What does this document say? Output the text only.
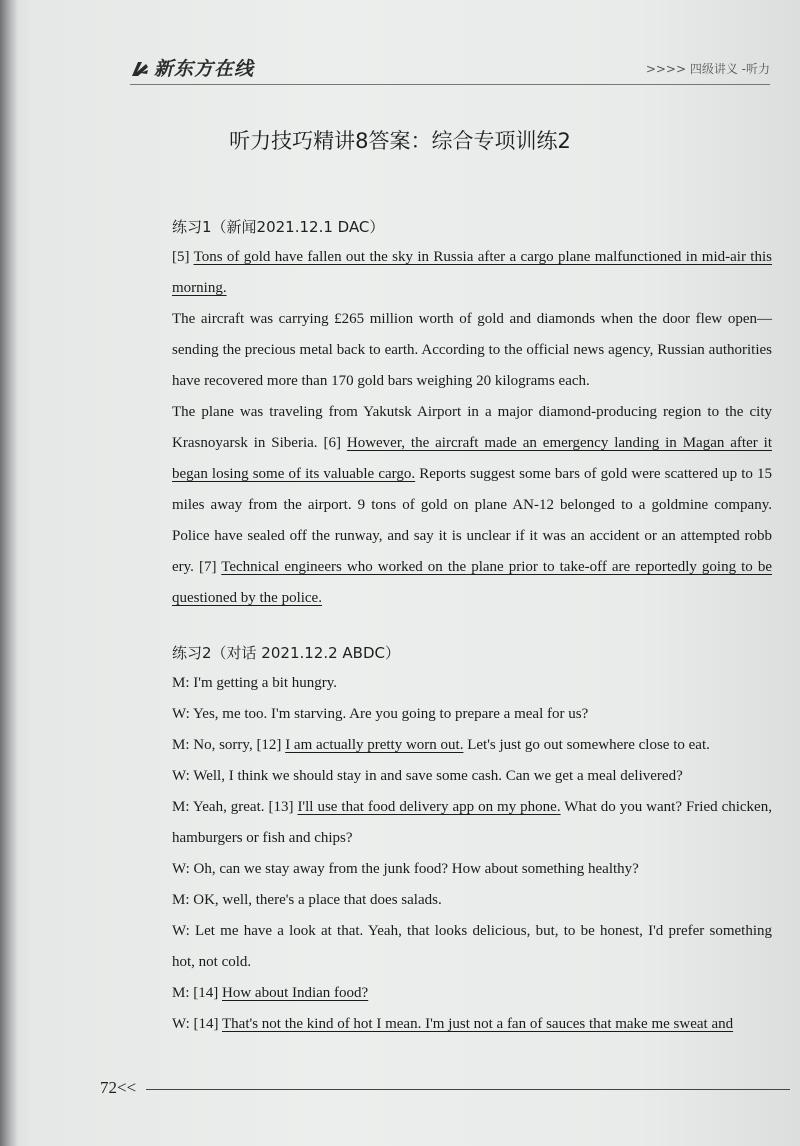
新东方在线	>>>> 四级讲义 -听力
听力技巧精讲8答案：综合专项训练2
练习1（新闻2021.12.1 DAC）

[5] Tons of gold have fallen out the sky in Russia after a cargo plane malfunctioned in mid-air this morning.

The aircraft was carrying £265 million worth of gold and diamonds when the door flew open—sending the precious metal back to earth. According to the official news agency, Russian authorities have recovered more than 170 gold bars weighing 20 kilograms each.

The plane was traveling from Yakutsk Airport in a major diamond-producing region to the city Krasnoyarsk in Siberia. [6] However, the aircraft made an emergency landing in Magan after it began losing some of its valuable cargo. Reports suggest some bars of gold were scattered up to 15 miles away from the airport. 9 tons of gold on plane AN-12 belonged to a goldmine company. Police have sealed off the runway, and say it is unclear if it was an accident or an attempted robb ery. [7] Technical engineers who worked on the plane prior to take-off are reportedly going to be questioned by the police.

练习2（对话 2021.12.2 ABDC）

M: I'm getting a bit hungry.

W: Yes, me too. I'm starving. Are you going to prepare a meal for us?

M: No, sorry, [12] I am actually pretty worn out. Let's just go out somewhere close to eat.

W: Well, I think we should stay in and save some cash. Can we get a meal delivered?

M: Yeah, great. [13] I'll use that food delivery app on my phone. What do you want? Fried chicken, hamburgers or fish and chips?

W: Oh, can we stay away from the junk food? How about something healthy?

M: OK, well, there's a place that does salads.

W: Let me have a look at that. Yeah, that looks delicious, but, to be honest, I'd prefer something hot, not cold.

M: [14] How about Indian food?

W: [14] That's not the kind of hot I mean. I'm just not a fan of sauces that make me sweat and

72<<
